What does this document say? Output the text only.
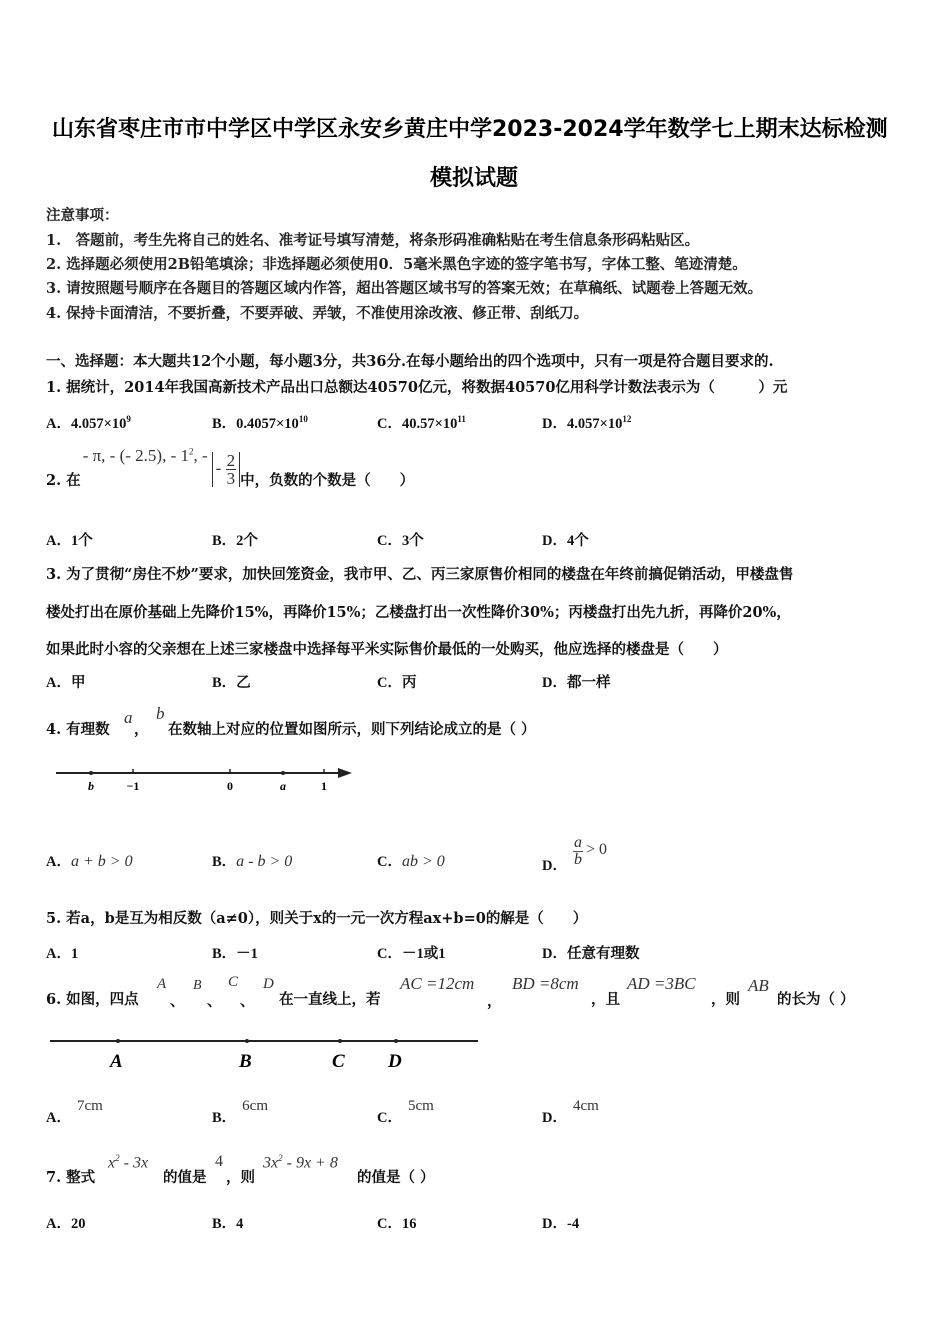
山东省枣庄市市中学区中学区永安乡黄庄中学2023-2024学年数学七上期末达标检测
模拟试题
注意事项：
1.　答题前，考生先将自己的姓名、准考证号填写清楚，将条形码准确粘贴在考生信息条形码粘贴区。
2. 选择题必须使用2B铅笔填涂；非选择题必须使用0．5毫米黑色字迹的签字笔书写，字体工整、笔迹清楚。
3. 请按照题号顺序在各题目的答题区域内作答，超出答题区域书写的答案无效；在草稿纸、试题卷上答题无效。
4. 保持卡面清洁，不要折叠，不要弄破、弄皱，不准使用涂改液、修正带、刮纸刀。
一、选择题：本大题共12个小题，每小题3分，共36分.在每小题给出的四个选项中，只有一项是符合题目要求的.
1. 据统计，2014年我国高新技术产品出口总额达40570亿元，将数据40570亿用科学计数法表示为（　　　）元
A．$4.057\times 10^9$	B．$0.4057\times 10^{10}$	C．$40.57\times 10^{11}$	D．$4.057\times 10^{12}$
2. 在
- π, - (- 2.5), - $1^2$, -
- $\frac{2}{3}$ 中，负数的个数是（　　）
A．1个	B．2个	C．3个	D．4个
3. 为了贯彻“房住不炒”要求，加快回笼资金，我市甲、乙、丙三家原售价相同的楼盘在年终前搞促销活动，甲楼盘售
楼处打出在原价基础上先降价15%，再降价15%；乙楼盘打出一次性降价30%；丙楼盘打出先九折，再降价20%，
如果此时小容的父亲想在上述三家楼盘中选择每平米实际售价最低的一处购买，他应选择的楼盘是（　　）
A．甲	B．乙	C．丙	D．都一样
4. 有理数
a
，
b
在数轴上对应的位置如图所示，则下列结论成立的是（ ）
b	−1	0	a	1
A．a + b > 0	B．a - b > 0	C．ab > 0	D． $\frac{a}{b} > 0$
5. 若a，b是互为相反数（a≠0），则关于x的一元一次方程ax+b=0的解是（　　）
A．1	B．－1	C．－1或1	D．任意有理数
6. 如图，四点
A
、
B
、
C
、
D
在一直线上，若
AC =12cm
，
BD =8cm
，且
AD =3BC
，则
AB
的长为（ ）
A	B	C D
A．7cm
B．6cm
C．5cm
D．4cm
7. 整式
$x^2 - 3x$
的值是
4
，则
$3x^2 - 9x + 8$
的值是（ ）
A．20	B．4	C．16	D．-4
